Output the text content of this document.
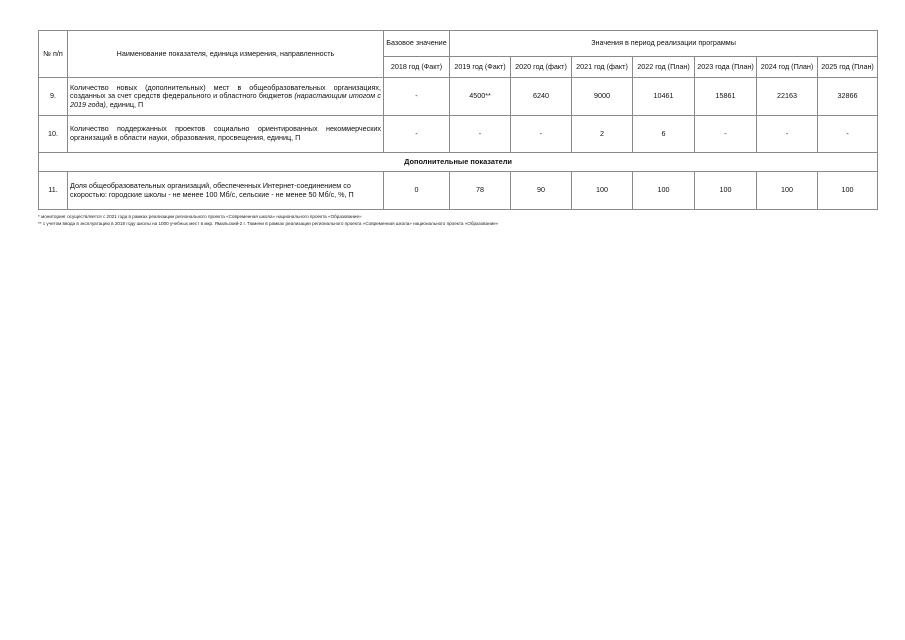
№ п/п	Наименование показателя, единица измерения, направленность	Базовое значение	Значения в период реализации программы						
		2018 год (Факт)	2019 год (Факт)	2020 год (факт)	2021 год (факт)	2022 год (План)	2023 года (План)	2024 год (План)	2025 год (План)
9.	Количество новых (дополнительных) мест в общеобразовательных организациях, созданных за счет средств федерального и областного бюджетов (нарастающим итогом с 2019 года), единиц, П	-	4500**	6240	9000	10461	15861	22163	32866
10.	Количество поддержанных проектов социально ориентированных некоммерческих организаций в области науки, образования, просвещения, единиц, П	-	-	-	2	6	-	-	-
Дополнительные показатели									
11.	Доля общеобразовательных организаций, обеспеченных Интернет-соединением со скоростью: городские школы - не менее 100 Мб/с, сельские - не менее 50 Мб/с, %, П	0	78	90	100	100	100	100	100
* мониторинг осуществляется с 2021 года в рамках реализации регионального проекта «Современная школа» национального проекта «Образование»
** с учетом ввода в эксплуатацию в 2018 году школы на 1000 учебных мест в мкр. Ямальский-2 г. Тюмени в рамках реализации регионального проекта «Современная школа» национального проекта «Образование»
